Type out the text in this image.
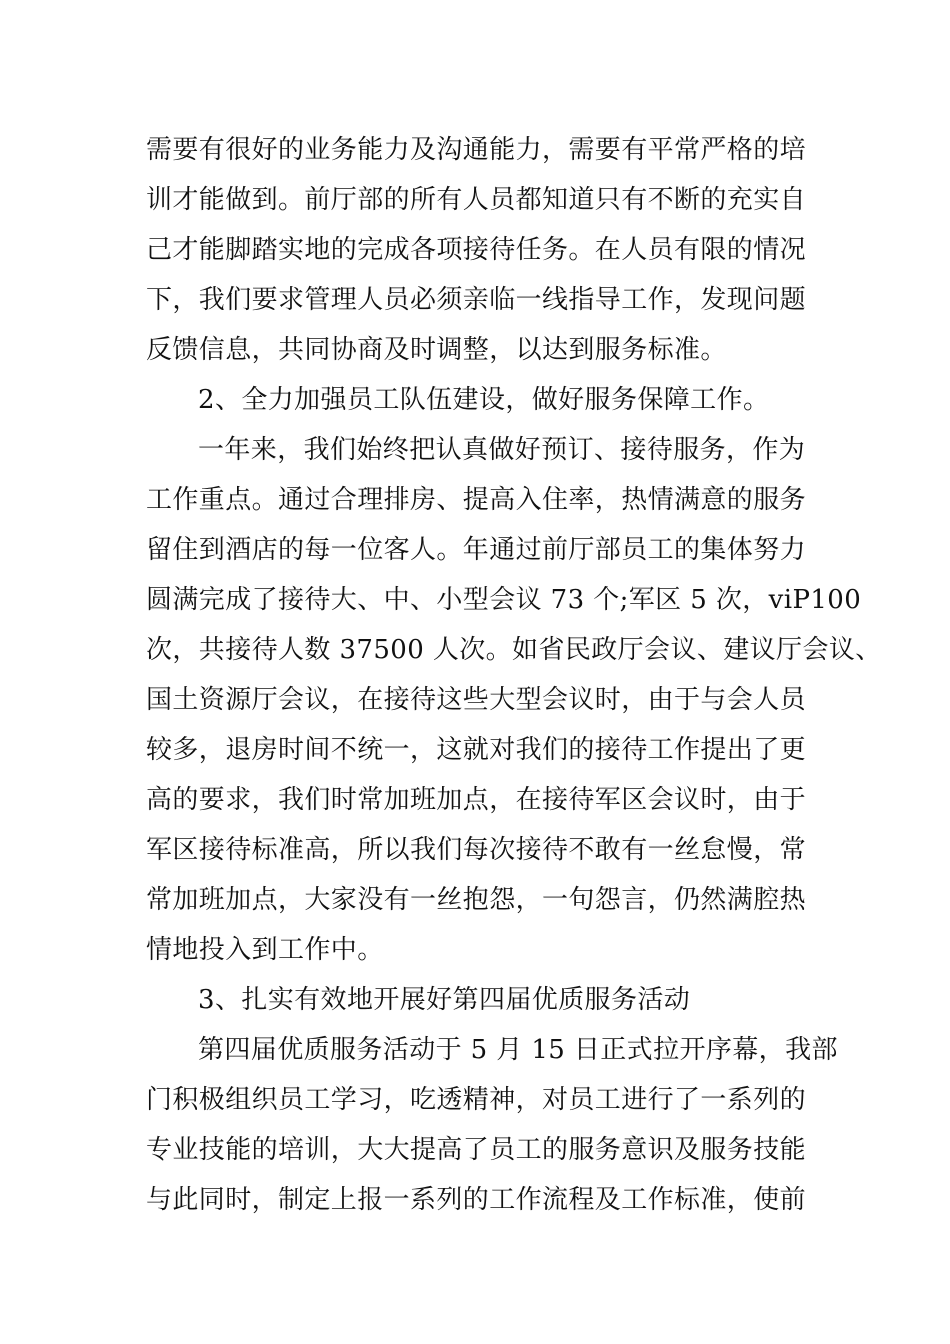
需要有很好的业务能力及沟通能力，需要有平常严格的培
训才能做到。前厅部的所有人员都知道只有不断的充实自
己才能脚踏实地的完成各项接待任务。在人员有限的情况
下，我们要求管理人员必须亲临一线指导工作，发现问题
反馈信息，共同协商及时调整，以达到服务标准。
2、全力加强员工队伍建设，做好服务保障工作。
一年来，我们始终把认真做好预订、接待服务，作为
工作重点。通过合理排房、提高入住率，热情满意的服务
留住到酒店的每一位客人。年通过前厅部员工的集体努力
圆满完成了接待大、中、小型会议 73 个;军区 5 次，viP100
次，共接待人数 37500 人次。如省民政厅会议、建议厅会议、
国土资源厅会议，在接待这些大型会议时，由于与会人员
较多，退房时间不统一，这就对我们的接待工作提出了更
高的要求，我们时常加班加点，在接待军区会议时，由于
军区接待标准高，所以我们每次接待不敢有一丝怠慢，常
常加班加点，大家没有一丝抱怨，一句怨言，仍然满腔热
情地投入到工作中。
3、扎实有效地开展好第四届优质服务活动
第四届优质服务活动于 5 月 15 日正式拉开序幕，我部
门积极组织员工学习，吃透精神，对员工进行了一系列的
专业技能的培训，大大提高了员工的服务意识及服务技能
与此同时，制定上报一系列的工作流程及工作标准，使前
